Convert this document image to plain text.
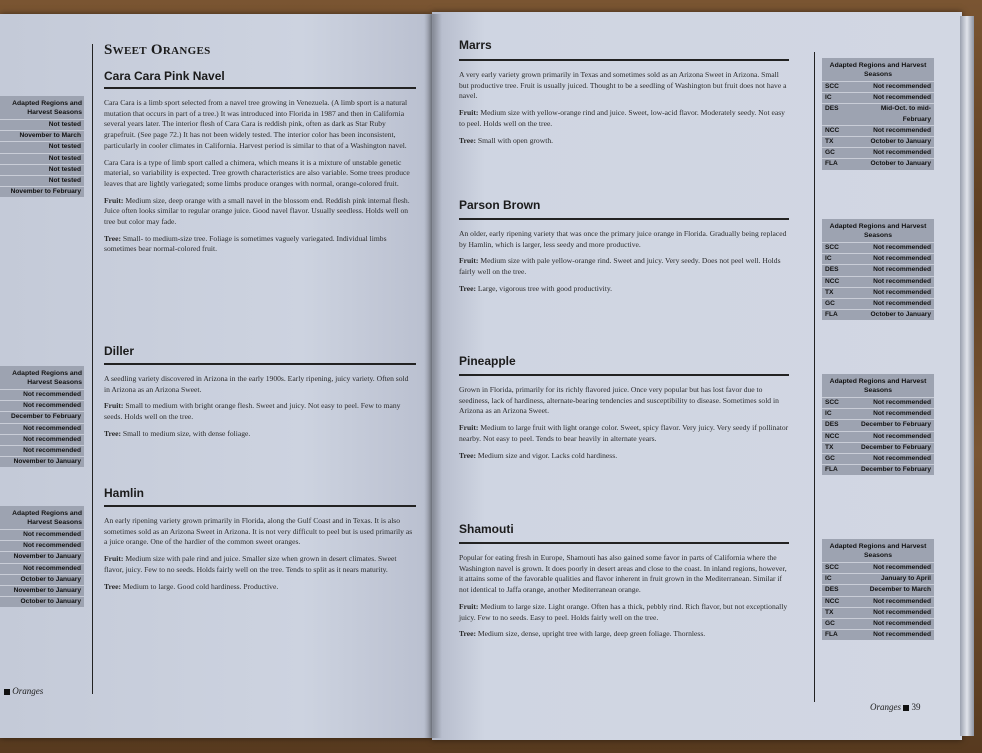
Sweet Oranges
Cara Cara Pink Navel
Cara Cara is a limb sport selected from a navel tree growing in Venezuela. (A limb sport is a natural mutation that occurs in part of a tree.) It was introduced into Florida in 1987 and then in California several years later. The interior flesh of Cara Cara is reddish pink, often as dark as Star Ruby grapefruit. (See page 72.) It has not been widely tested. The interior color has been inconsistent, particularly in cooler climates in California. Harvest period is similar to that of a Washington navel.
Cara Cara is a type of limb sport called a chimera, which means it is a mixture of unstable genetic material, so variability is expected. Tree growth characteristics are also variable. Some trees produce leaves that are lightly variegated; some limbs produce oranges with normal, orange-colored fruit.
Fruit: Medium size, deep orange with a small navel in the blossom end. Reddish pink internal flesh. Juice often looks similar to regular orange juice. Good navel flavor. Usually seedless. Holds well on tree but color may fade.
Tree: Small- to medium-size tree. Foliage is sometimes vaguely variegated. Individual limbs sometimes bear normal-colored fruit.
Diller
A seedling variety discovered in Arizona in the early 1900s. Early ripening, juicy variety. Often sold in Arizona as an Arizona Sweet.
Fruit: Small to medium with bright orange flesh. Sweet and juicy. Not easy to peel. Few to many seeds. Holds well on the tree.
Tree: Small to medium size, with dense foliage.
Hamlin
An early ripening variety grown primarily in Florida, along the Gulf Coast and in Texas. It is also sometimes sold as an Arizona Sweet in Arizona. It is not very difficult to peel but is used primarily as a juice orange. One of the hardier of the common sweet oranges.
Fruit: Medium size with pale rind and juice. Smaller size when grown in desert climates. Sweet flavor, juicy. Few to no seeds. Holds fairly well on the tree. Tends to split as it nears maturity.
Tree: Medium to large. Good cold hardiness. Productive.
Adapted Regions and Harvest Seasons
Not tested
November to March
Not tested
Not tested
Not tested
Not tested
November to February
Adapted Regions and Harvest Seasons
Not recommended
Not recommended
December to February
Not recommended
Not recommended
Not recommended
November to January
Adapted Regions and Harvest Seasons
Not recommended
Not recommended
November to January
Not recommended
October to January
November to January
October to January
Oranges
Marrs
A very early variety grown primarily in Texas and sometimes sold as an Arizona Sweet in Arizona. Small but productive tree. Fruit is usually juiced. Thought to be a seedling of Washington but fruit does not have a navel.
Fruit: Medium size with yellow-orange rind and juice. Sweet, low-acid flavor. Moderately seedy. Not easy to peel. Holds well on the tree.
Tree: Small with open growth.
Parson Brown
An older, early ripening variety that was once the primary juice orange in Florida. Gradually being replaced by Hamlin, which is larger, less seedy and more productive.
Fruit: Medium size with pale yellow-orange rind. Sweet and juicy. Very seedy. Does not peel well. Holds fairly well on the tree.
Tree: Large, vigorous tree with good productivity.
Pineapple
Grown in Florida, primarily for its richly flavored juice. Once very popular but has lost favor due to seediness, lack of hardiness, alternate-bearing tendencies and susceptibility to disease. Sometimes sold in Arizona as an Arizona Sweet.
Fruit: Medium to large fruit with light orange color. Sweet, spicy flavor. Very juicy. Very seedy if pollinator nearby. Not easy to peel. Tends to bear heavily in alternate years.
Tree: Medium size and vigor. Lacks cold hardiness.
Shamouti
Popular for eating fresh in Europe, Shamouti has also gained some favor in parts of California where the Washington navel is grown. It does poorly in desert areas and close to the coast. In inland regions, however, it attains some of the favorable qualities and flavor inherent in fruit grown in the Mediterranean. Similar if not identical to Jaffa orange, another Mediterranean orange.
Fruit: Medium to large size. Light orange. Often has a thick, pebbly rind. Rich flavor, but not exceptionally juicy. Few to no seeds. Easy to peel. Holds fairly well on the tree.
Tree: Medium size, dense, upright tree with large, deep green foliage. Thornless.
Adapted Regions and Harvest Seasons
SCC	Not recommended
IC	Not recommended
DES	Mid-Oct. to mid-February
NCC	Not recommended
TX	October to January
GC	Not recommended
FLA	October to January
Adapted Regions and Harvest Seasons
SCC	Not recommended
IC	Not recommended
DES	Not recommended
NCC	Not recommended
TX	Not recommended
GC	Not recommended
FLA	October to January
Adapted Regions and Harvest Seasons
SCC	Not recommended
IC	Not recommended
DES	December to February
NCC	Not recommended
TX	December to February
GC	Not recommended
FLA	December to February
Adapted Regions and Harvest Seasons
SCC	Not recommended
IC	January to April
DES	December to March
NCC	Not recommended
TX	Not recommended
GC	Not recommended
FLA	Not recommended
Oranges 39
